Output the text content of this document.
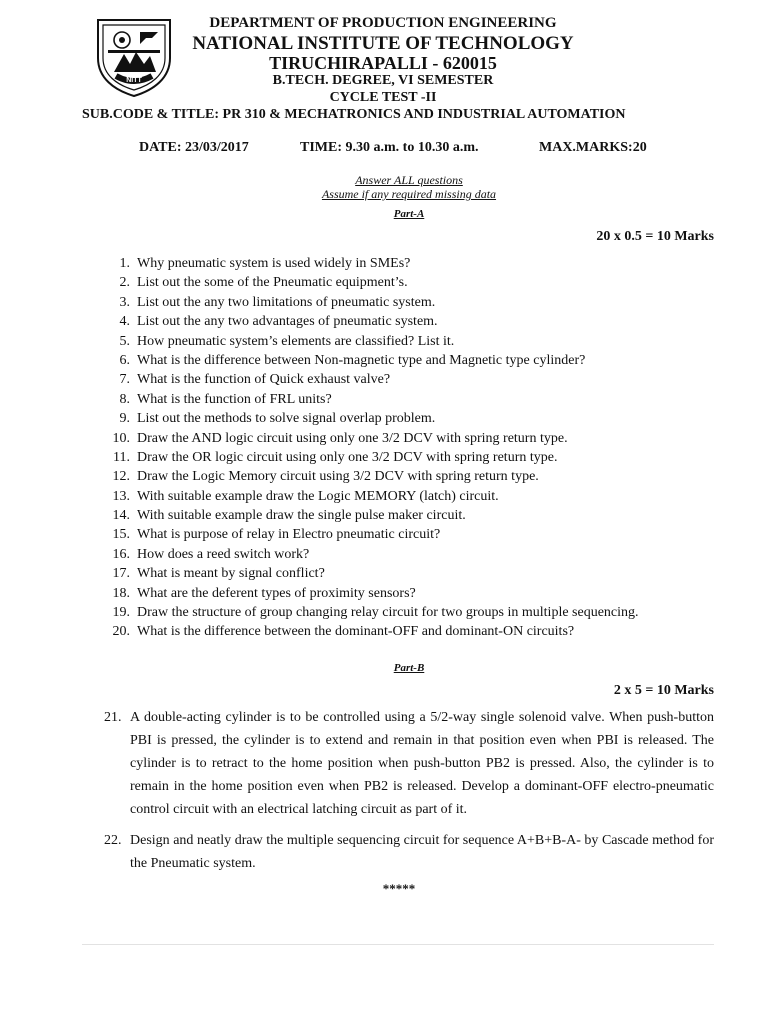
NITT
DEPARTMENT OF PRODUCTION ENGINEERING
NATIONAL INSTITUTE OF TECHNOLOGY
TIRUCHIRAPALLI - 620015
B.TECH. DEGREE, VI SEMESTER
CYCLE TEST -II
SUB.CODE & TITLE: PR 310 & MECHATRONICS AND INDUSTRIAL AUTOMATION
DATE: 23/03/2017	TIME: 9.30 a.m. to 10.30 a.m.	MAX.MARKS:20
Answer ALL questions
Assume if any required missing data
Part-A
20 x 0.5 = 10 Marks
1.
Why pneumatic system is used widely in SMEs?
2.
List out the some of the Pneumatic equipment’s.
3.
List out the any two limitations of pneumatic system.
4.
List out the any two advantages of pneumatic system.
5.
How pneumatic system’s elements are classified? List it.
6.
What is the difference between Non-magnetic type and Magnetic type cylinder?
7.
What is the function of Quick exhaust valve?
8.
What is the function of FRL units?
9.
List out the methods to solve signal overlap problem.
10.
Draw the AND logic circuit using only one 3/2 DCV with spring return type.
11.
Draw the OR logic circuit using only one 3/2 DCV with spring return type.
12.
Draw the Logic Memory circuit using 3/2 DCV with spring return type.
13.
With suitable example draw the Logic MEMORY (latch) circuit.
14.
With suitable example draw the single pulse maker circuit.
15.
What is purpose of relay in Electro pneumatic circuit?
16.
How does a reed switch work?
17.
What is meant by signal conflict?
18.
What are the deferent types of proximity sensors?
19.
Draw the structure of group changing relay circuit for two groups in multiple sequencing.
20.
What is the difference between the dominant-OFF and dominant-ON circuits?
Part-B
2 x 5 = 10 Marks
21. A double-acting cylinder is to be controlled using a 5/2-way single solenoid valve. When push-button PBI is pressed, the cylinder is to extend and remain in that position even when PBI is released. The cylinder is to retract to the home position when push-button PB2 is pressed. Also, the cylinder is to remain in the home position even when PB2 is released. Develop a dominant-OFF electro-pneumatic control circuit with an electrical latching circuit as part of it.
22. Design and neatly draw the multiple sequencing circuit for sequence A+B+B-A- by Cascade method for the Pneumatic system.
*****
